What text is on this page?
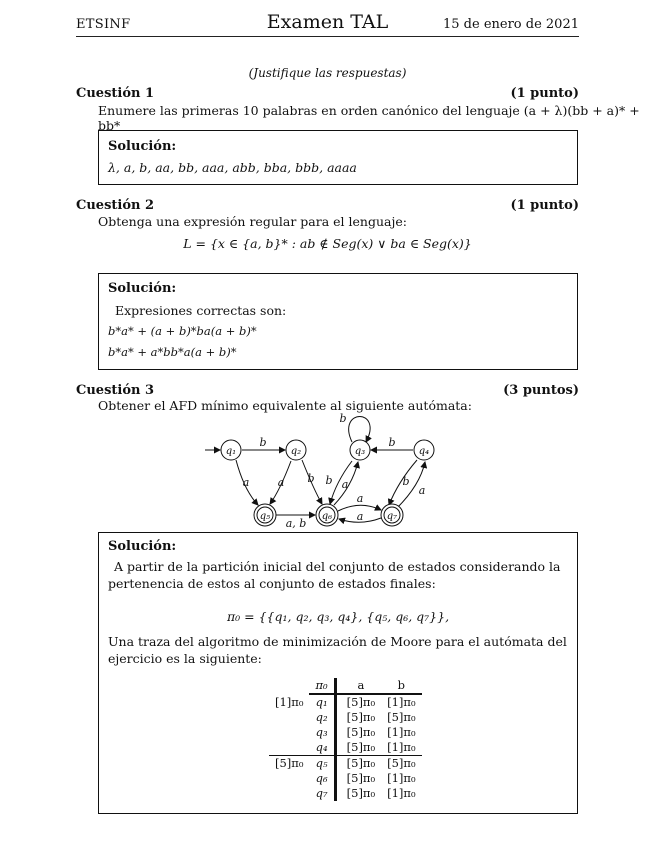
ETSINF	Examen TAL	15 de enero de 2021
(Justifique las respuestas)
Cuestión 1	(1 punto)
Enumere las primeras 10 palabras en orden canónico del lenguaje (a + λ)(bb + a)* + bb*
Solución:
λ, a, b, aa, bb, aaa, abb, bba, bbb, aaaa
Cuestión 2	(1 punto)
Obtenga una expresión regular para el lenguaje:
L = {x ∈ {a, b}* : ab ∉ Seg(x) ∨ ba ∈ Seg(x)}
Solución:
Expresiones correctas son:
b*a* + (a + b)*ba(a + b)*
b*a* + a*bb*a(a + b)*
Cuestión 3	(3 puntos)
Obtener el AFD mínimo equivalente al siguiente autómata:
q₁	q₂	q₃	q₄
q₅	q₆	q₇
b
a	a b
b
a
b
b
b
a
a, b
a
a
Solución:
A partir de la partición inicial del conjunto de estados considerando la pertenencia de estos al conjunto de estados finales:
π₀ = {{q₁, q₂, q₃, q₄}, {q₅, q₆, q₇}},
Una traza del algoritmo de minimización de Moore para el autómata del ejercicio es la siguiente:
	π₀	a	b
[1]π₀	q₁	[5]π₀	[1]π₀
	q₂	[5]π₀	[5]π₀
	q₃	[5]π₀	[1]π₀
	q₄	[5]π₀	[1]π₀
[5]π₀	q₅	[5]π₀	[5]π₀
	q₆	[5]π₀	[1]π₀
	q₇	[5]π₀	[1]π₀
